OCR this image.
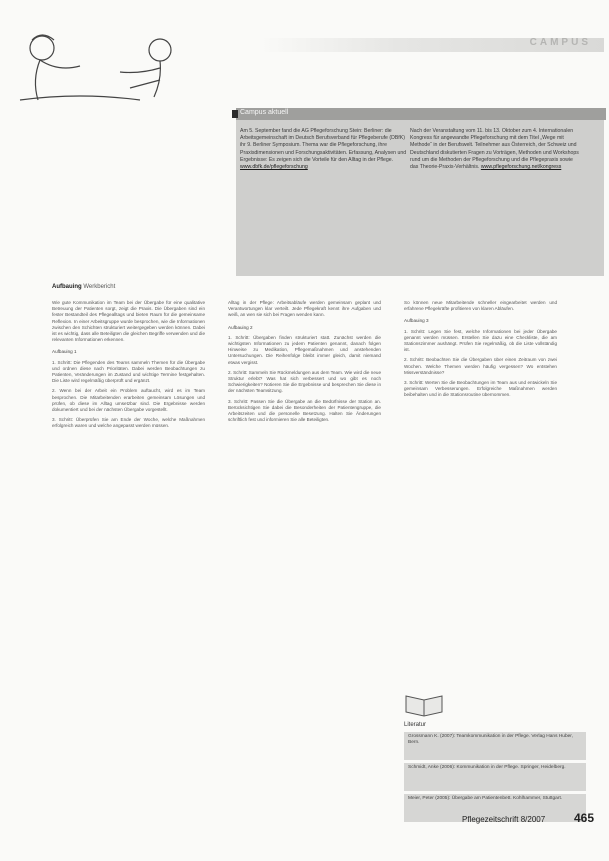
CAMPUS
Campus aktuell
Am 5. September fand die AG Pflegeforschung Stein: Berliner: die Arbeitsgemeinschaft im Deutsch Berufsverband für Pflegeberufe (DBfK) ihr 9. Berliner Symposium. Thema war die Pflegeforschung, ihre Praxisdimensionen und Forschungsaktivitäten. Erfassung, Analysen und Ergebnisse: Es zeigen sich die Vorteile für den Alltag in der Pflege. www.dbfk.de/pflegeforschung
Nach der Veranstaltung vom 11. bis 13. Oktober zum 4. Internationalen Kongress für angewandte Pflegeforschung mit dem Titel „Wege mit Methode“ in der Berufswelt. Teilnehmer aus Österreich, der Schweiz und Deutschland diskutierten Fragen zu Vorträgen, Methoden und Workshops rund um die Methoden der Pflegeforschung und die Pflegepraxis sowie das Theorie-Praxis-Verhältnis. www.pflegeforschung.net/kongress
Aufbauing Werkbericht

Wie gute Kommunikation im Team bei der Übergabe für eine qualitative Betreuung der Patienten sorgt, zeigt die Praxis. Die Übergaben sind ein fester Bestandteil des Pflegealltags und bieten Raum für die gemeinsame Reflexion. In einer Arbeitsgruppe wurde besprochen, wie die Informationen zwischen den Schichten strukturiert weitergegeben werden können. Dabei ist es wichtig, dass alle Beteiligten die gleichen Begriffe verwenden und die relevanten Informationen erkennen.

Aufbauing 1

1. Schritt: Die Pflegenden des Teams sammeln Themen für die Übergabe und ordnen diese nach Prioritäten. Dabei werden Beobachtungen zu Patienten, Veränderungen im Zustand und wichtige Termine festgehalten. Die Liste wird regelmäßig überprüft und ergänzt.

2. Wenn bei der Arbeit ein Problem auftaucht, wird es im Team besprochen. Die Mitarbeitenden erarbeiten gemeinsam Lösungen und prüfen, ob diese im Alltag umsetzbar sind. Die Ergebnisse werden dokumentiert und bei der nächsten Übergabe vorgestellt.

3. Schritt: Überprüfen Sie am Ende der Woche, welche Maßnahmen erfolgreich waren und welche angepasst werden müssen.

Alltag in der Pflege: Arbeitsabläufe werden gemeinsam geplant und Verantwortungen klar verteilt. Jede Pflegekraft kennt ihre Aufgaben und weiß, an wen sie sich bei Fragen wenden kann.

Aufbauing 2

1. Schritt: Übergaben finden strukturiert statt. Zunächst werden die wichtigsten Informationen zu jedem Patienten genannt, danach folgen Hinweise zu Medikation, Pflegemaßnahmen und anstehenden Untersuchungen. Die Reihenfolge bleibt immer gleich, damit niemand etwas vergisst.

2. Schritt: Sammeln Sie Rückmeldungen aus dem Team. Wie wird die neue Struktur erlebt? Was hat sich verbessert und wo gibt es noch Schwierigkeiten? Notieren Sie die Ergebnisse und besprechen Sie diese in der nächsten Teamsitzung.

3. Schritt: Passen Sie die Übergabe an die Bedürfnisse der Station an. Berücksichtigen Sie dabei die Besonderheiten der Patientengruppe, die Arbeitszeiten und die personelle Besetzung. Halten Sie Änderungen schriftlich fest und informieren Sie alle Beteiligten.

So können neue Mitarbeitende schneller eingearbeitet werden und erfahrene Pflegekräfte profitieren von klaren Abläufen.

Aufbauing 3

1. Schritt: Legen Sie fest, welche Informationen bei jeder Übergabe genannt werden müssen. Erstellen Sie dazu eine Checkliste, die am Stationszimmer aushängt. Prüfen Sie regelmäßig, ob die Liste vollständig ist.

2. Schritt: Beobachten Sie die Übergaben über einen Zeitraum von zwei Wochen. Welche Themen werden häufig vergessen? Wo entstehen Missverständnisse?

3. Schritt: Werten Sie die Beobachtungen im Team aus und entwickeln Sie gemeinsam Verbesserungen. Erfolgreiche Maßnahmen werden beibehalten und in die Stationsroutine übernommen.

Literatur
Grossmann K. (2007): Teamkommunikation in der Pflege. Verlag Hans Huber, Bern.
Schmidt, Anke (2006): Kommunikation in der Pflege. Springer, Heidelberg.
Meier, Peter (2005): Übergabe am Patientenbett. Kohlhammer, Stuttgart.
Pflegezeitschrift 8/2007 465
